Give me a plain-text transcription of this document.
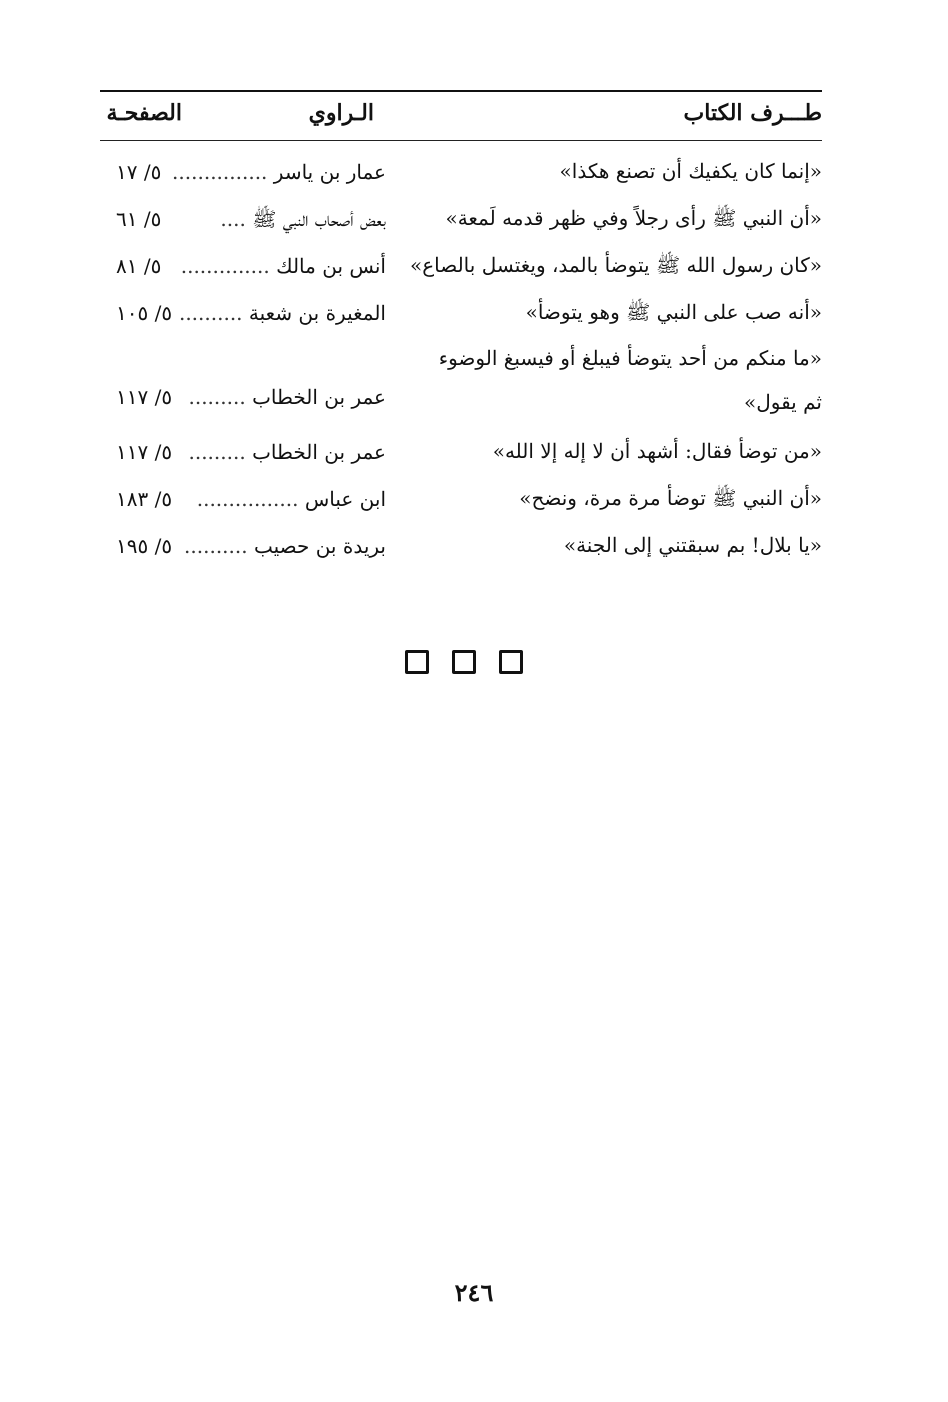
طـــرف الكتاب
الـراوي
الصفحـة
«إنما كان يكفيك أن تصنع هكذا»
عمار بن ياسر ...............
٥/ ١٧
«أن النبي ﷺ رأى رجلاً وفي ظهر قدمه لَمعة»
بعض أصحاب النبي ﷺ ....
٥/ ٦١
«كان رسول الله ﷺ يتوضأ بالمد، ويغتسل بالصاع»
أنس بن مالك ..............
٥/ ٨١
«أنه صب على النبي ﷺ وهو يتوضأ»
المغيرة بن شعبة ..........
٥/ ١٠٥
«ما منكم من أحد يتوضأ فيبلغ أو فيسبغ الوضوء ثم يقول»
عمر بن الخطاب .........
٥/ ١١٧
«من توضأ فقال: أشهد أن لا إله إلا الله»
عمر بن الخطاب .........
٥/ ١١٧
«أن النبي ﷺ توضأ مرة مرة، ونضح»
ابن عباس ................
٥/ ١٨٣
«يا بلال! بم سبقتني إلى الجنة»
بريدة بن حصيب ..........
٥/ ١٩٥
٢٤٦
